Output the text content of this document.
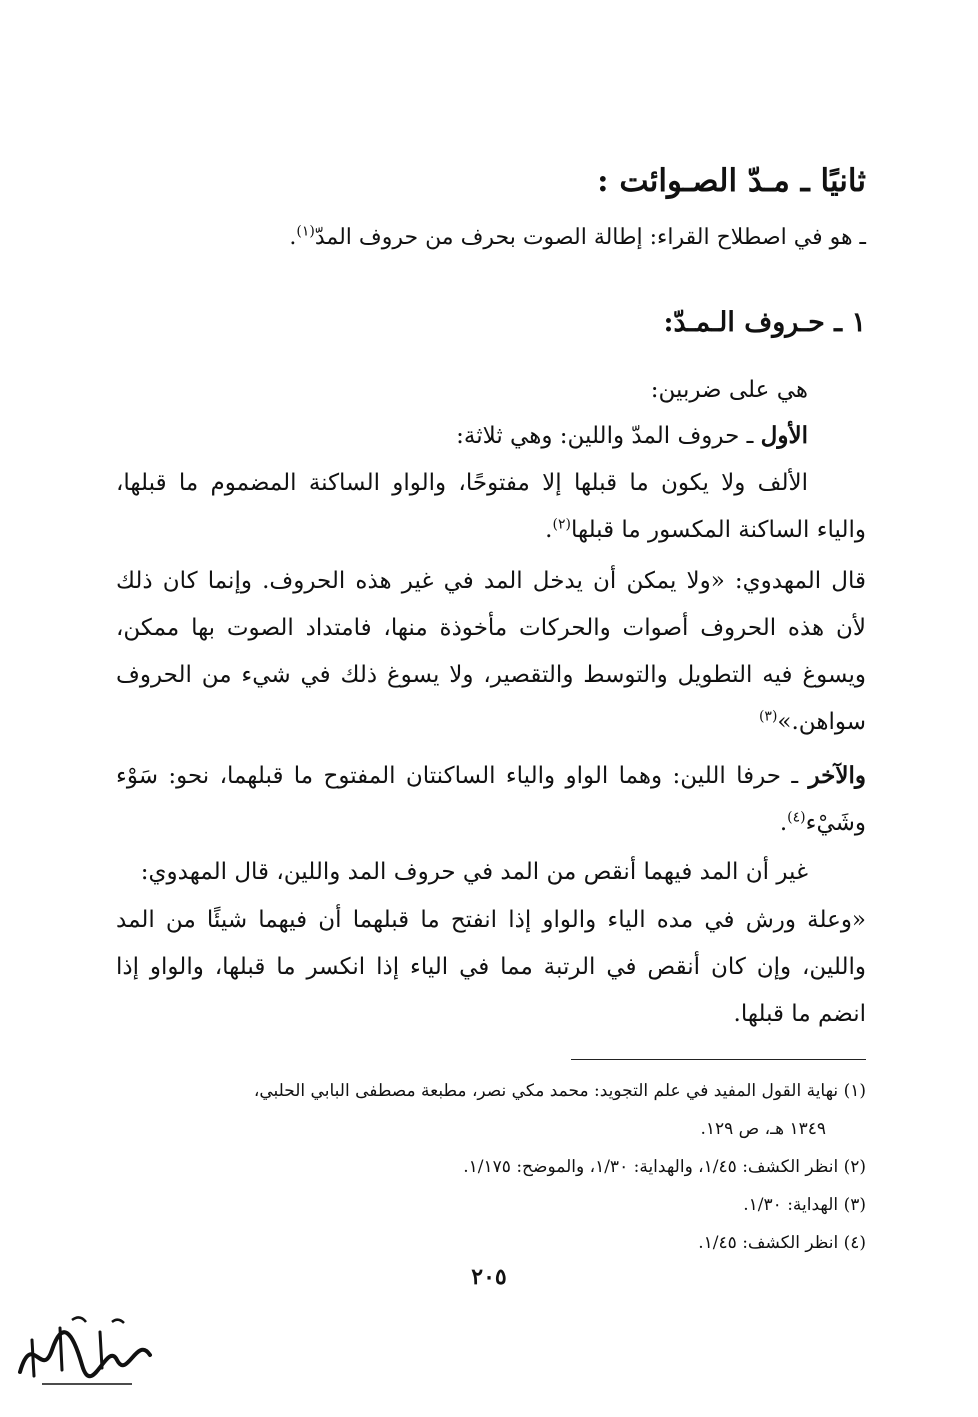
ثانيًا ـ مـدّ الصـوائت :
ـ هو في اصطلاح القراء: إطالة الصوت بحرف من حروف المدّ$^{(١)}$.
١ ـ حـروف الـمـدّ:
هي على ضربين:
الأول ـ حروف المدّ واللين: وهي ثلاثة:
الألف ولا يكون ما قبلها إلا مفتوحًا، والواو الساكنة المضموم ما قبلها، والياء الساكنة المكسور ما قبلها$^{(٢)}$.
قال المهدوي: «ولا يمكن أن يدخل المد في غير هذه الحروف. وإنما كان ذلك لأن هذه الحروف أصوات والحركات مأخوذة منها، فامتداد الصوت بها ممكن، ويسوغ فيه التطويل والتوسط والتقصير، ولا يسوغ ذلك في شيء من الحروف سواهن.»$^{(٣)}$
والآخر ـ حرفا اللين: وهما الواو والياء الساكنتان المفتوح ما قبلهما، نحو: سَوْء وشَيْء$^{(٤)}$.
غير أن المد فيهما أنقص من المد في حروف المد واللين، قال المهدوي:
«وعلة ورش في مده الياء والواو إذا انفتح ما قبلهما أن فيهما شيئًا من المد واللين، وإن كان أنقص في الرتبة مما في الياء إذا انكسر ما قبلها، والواو إذا انضم ما قبلها.
(١) نهاية القول المفيد في علم التجويد: محمد مكي نصر، مطبعة مصطفى البابي الحلبي،
١٣٤٩ هـ، ص ١٢٩.
(٢) انظر الكشف: ١/٤٥، والهداية: ١/٣٠، والموضح: ١/١٧٥.
(٣) الهداية: ١/٣٠.
(٤) انظر الكشف: ١/٤٥.
٢٠٥
